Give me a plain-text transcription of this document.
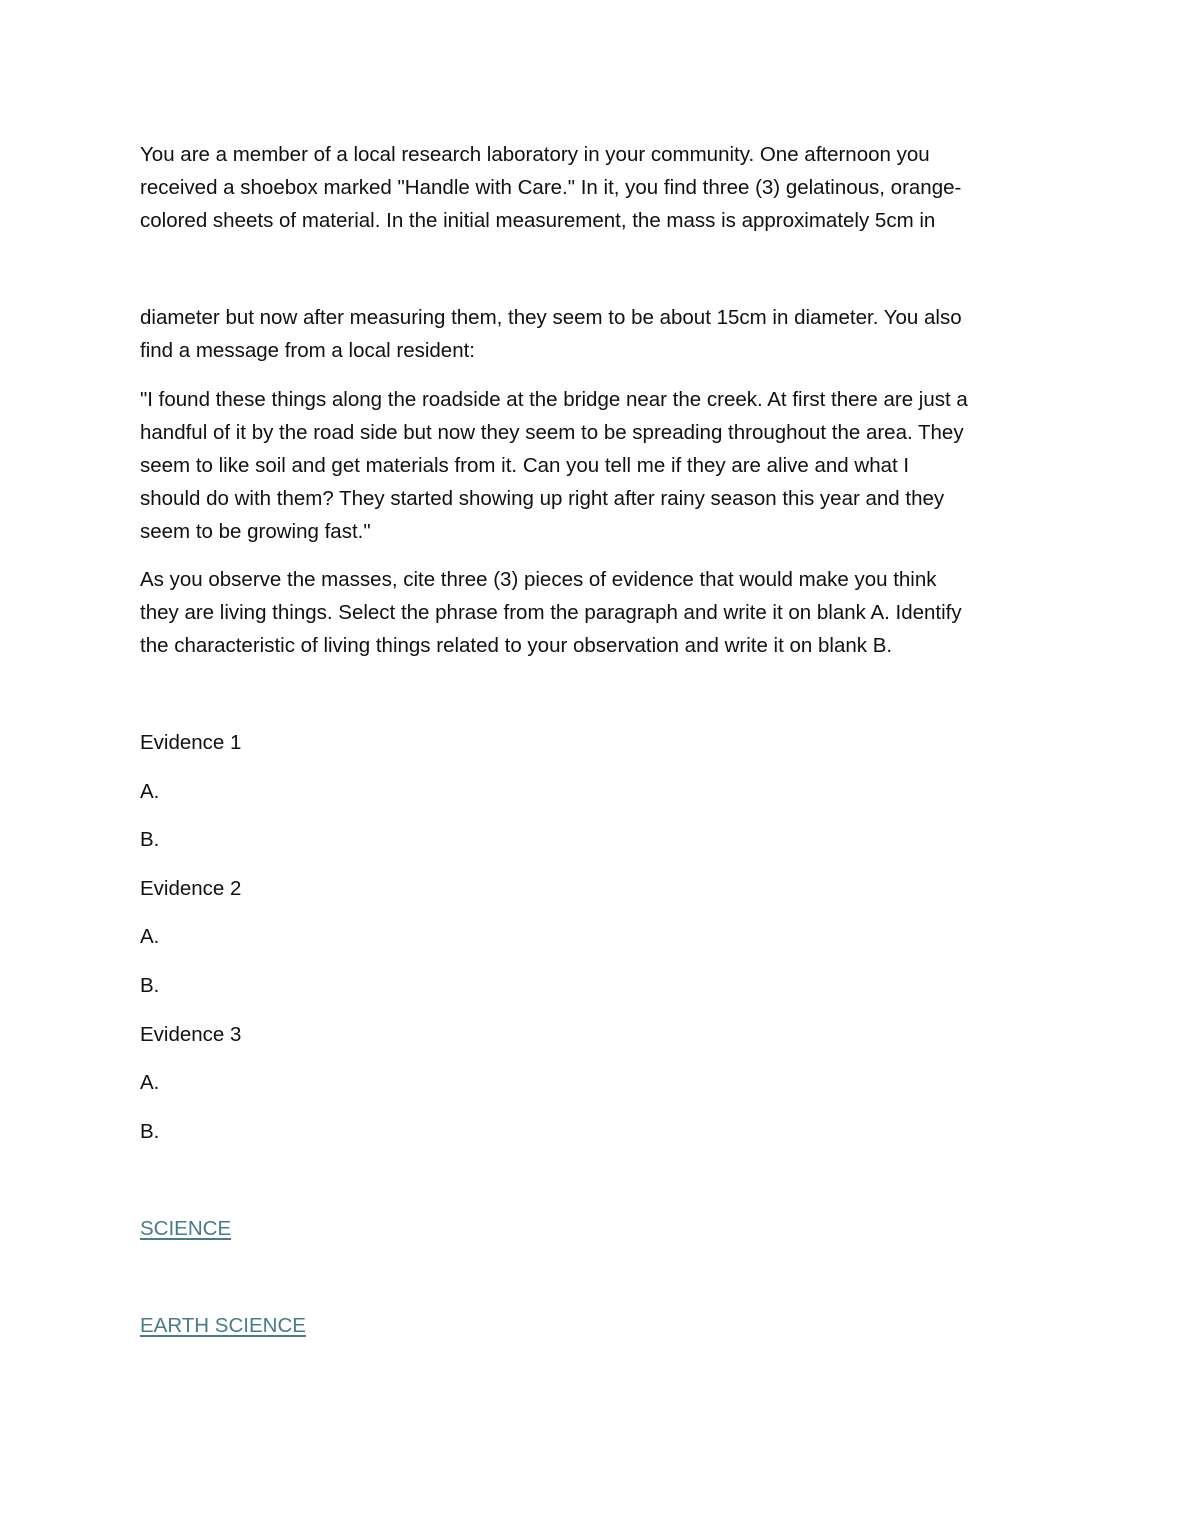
You are a member of a local research laboratory in your community. One afternoon you
received a shoebox marked "Handle with Care." In it, you find three (3) gelatinous, orange-
colored sheets of material. In the initial measurement, the mass is approximately 5cm in

diameter but now after measuring them, they seem to be about 15cm in diameter. You also
find a message from a local resident:

"I found these things along the roadside at the bridge near the creek. At first there are just a
handful of it by the road side but now they seem to be spreading throughout the area. They
seem to like soil and get materials from it. Can you tell me if they are alive and what I
should do with them? They started showing up right after rainy season this year and they
seem to be growing fast."

As you observe the masses, cite three (3) pieces of evidence that would make you think
they are living things. Select the phrase from the paragraph and write it on blank A. Identify
the characteristic of living things related to your observation and write it on blank B.

Evidence 1
A.
B.
Evidence 2
A.
B.
Evidence 3
A.
B.
SCIENCE
EARTH SCIENCE
